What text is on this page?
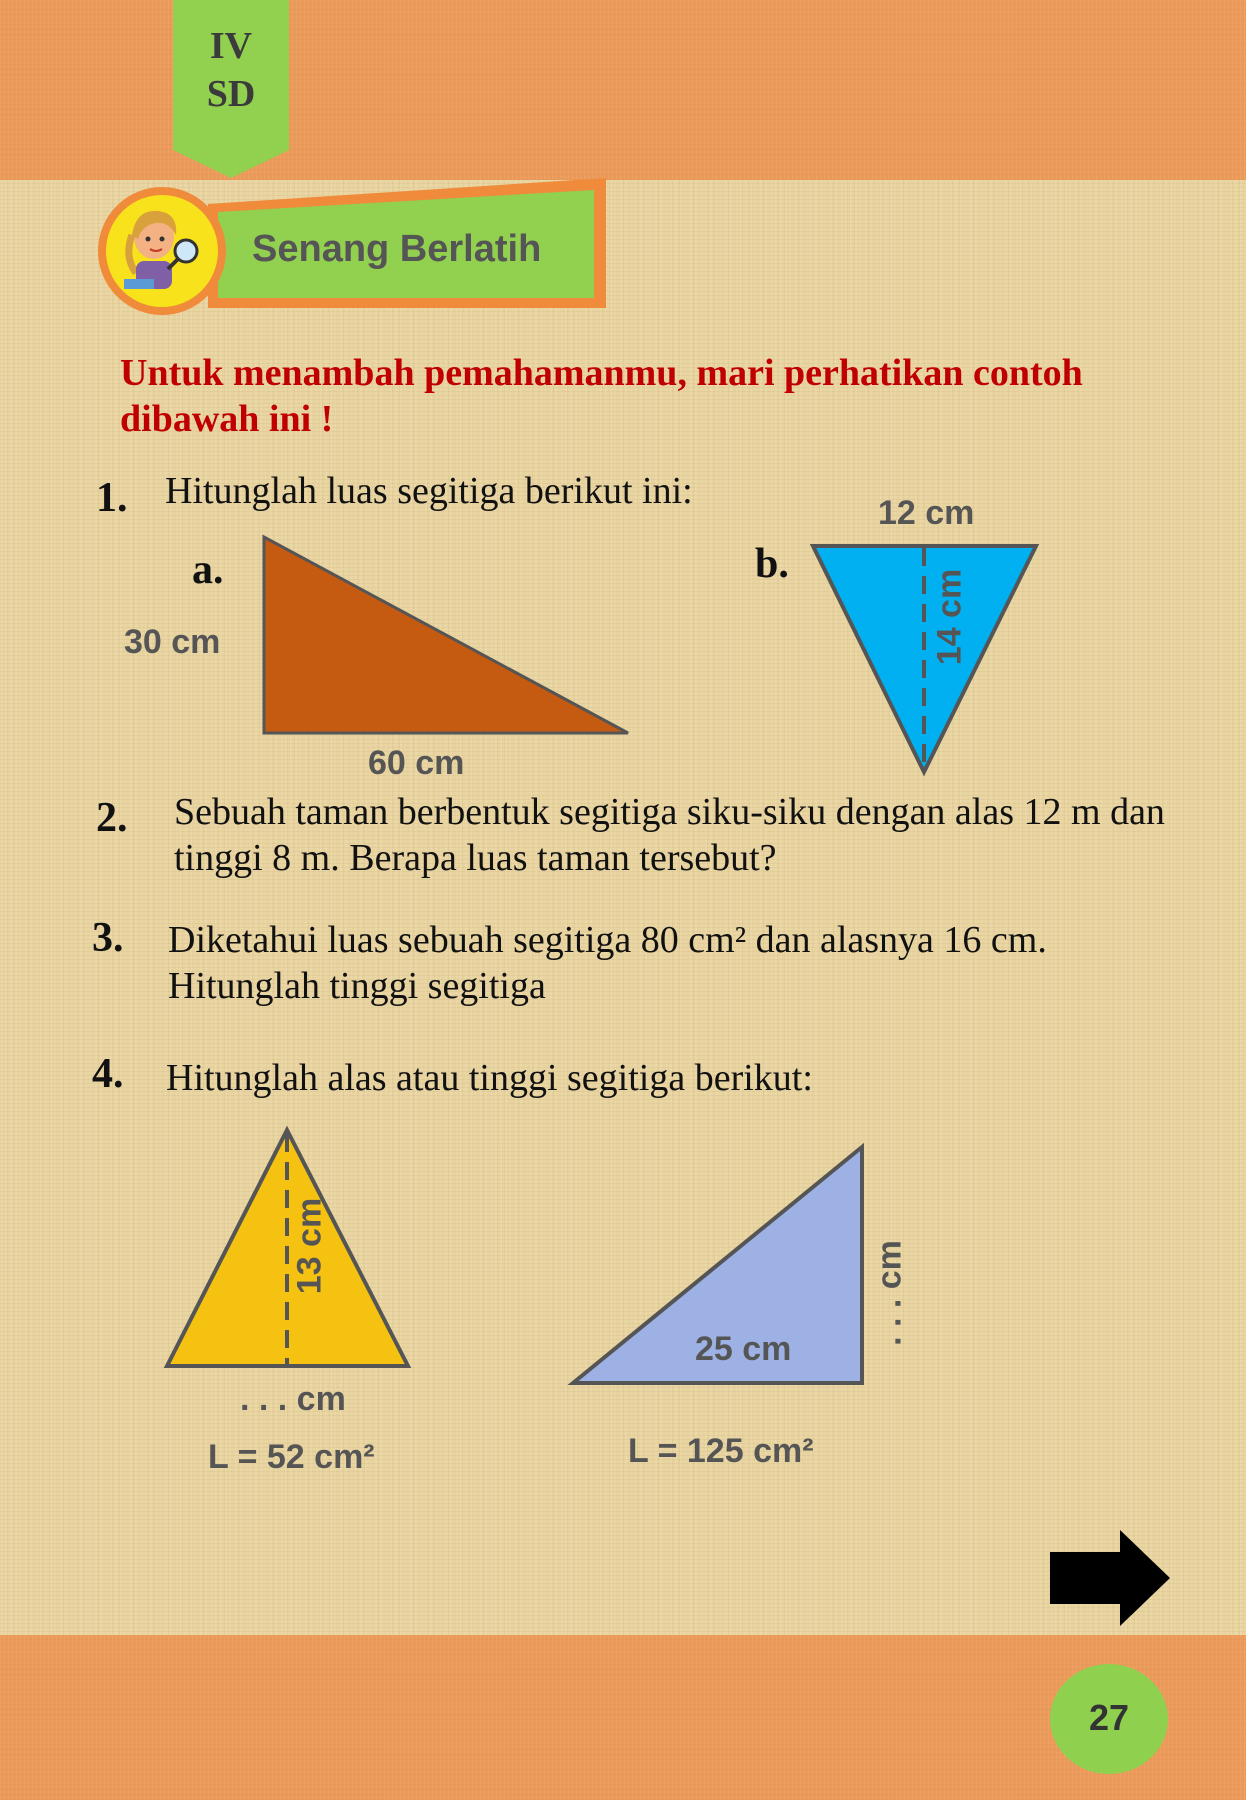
IV
SD
Senang Berlatih
Untuk menambah pemahamanmu, mari perhatikan contoh dibawah ini !
1. Hitunglah luas segitiga berikut ini:
a.
30 cm
60 cm
b.
12 cm
14 cm
2. Sebuah taman berbentuk segitiga siku-siku dengan alas 12 m dan tinggi 8 m. Berapa luas taman tersebut?
3. Diketahui luas sebuah segitiga 80 cm² dan alasnya 16 cm. Hitunglah tinggi segitiga
4. Hitunglah alas atau tinggi segitiga berikut:
13 cm
. . . cm
L = 52 cm²
25 cm
. . . cm
L = 125 cm²
27
